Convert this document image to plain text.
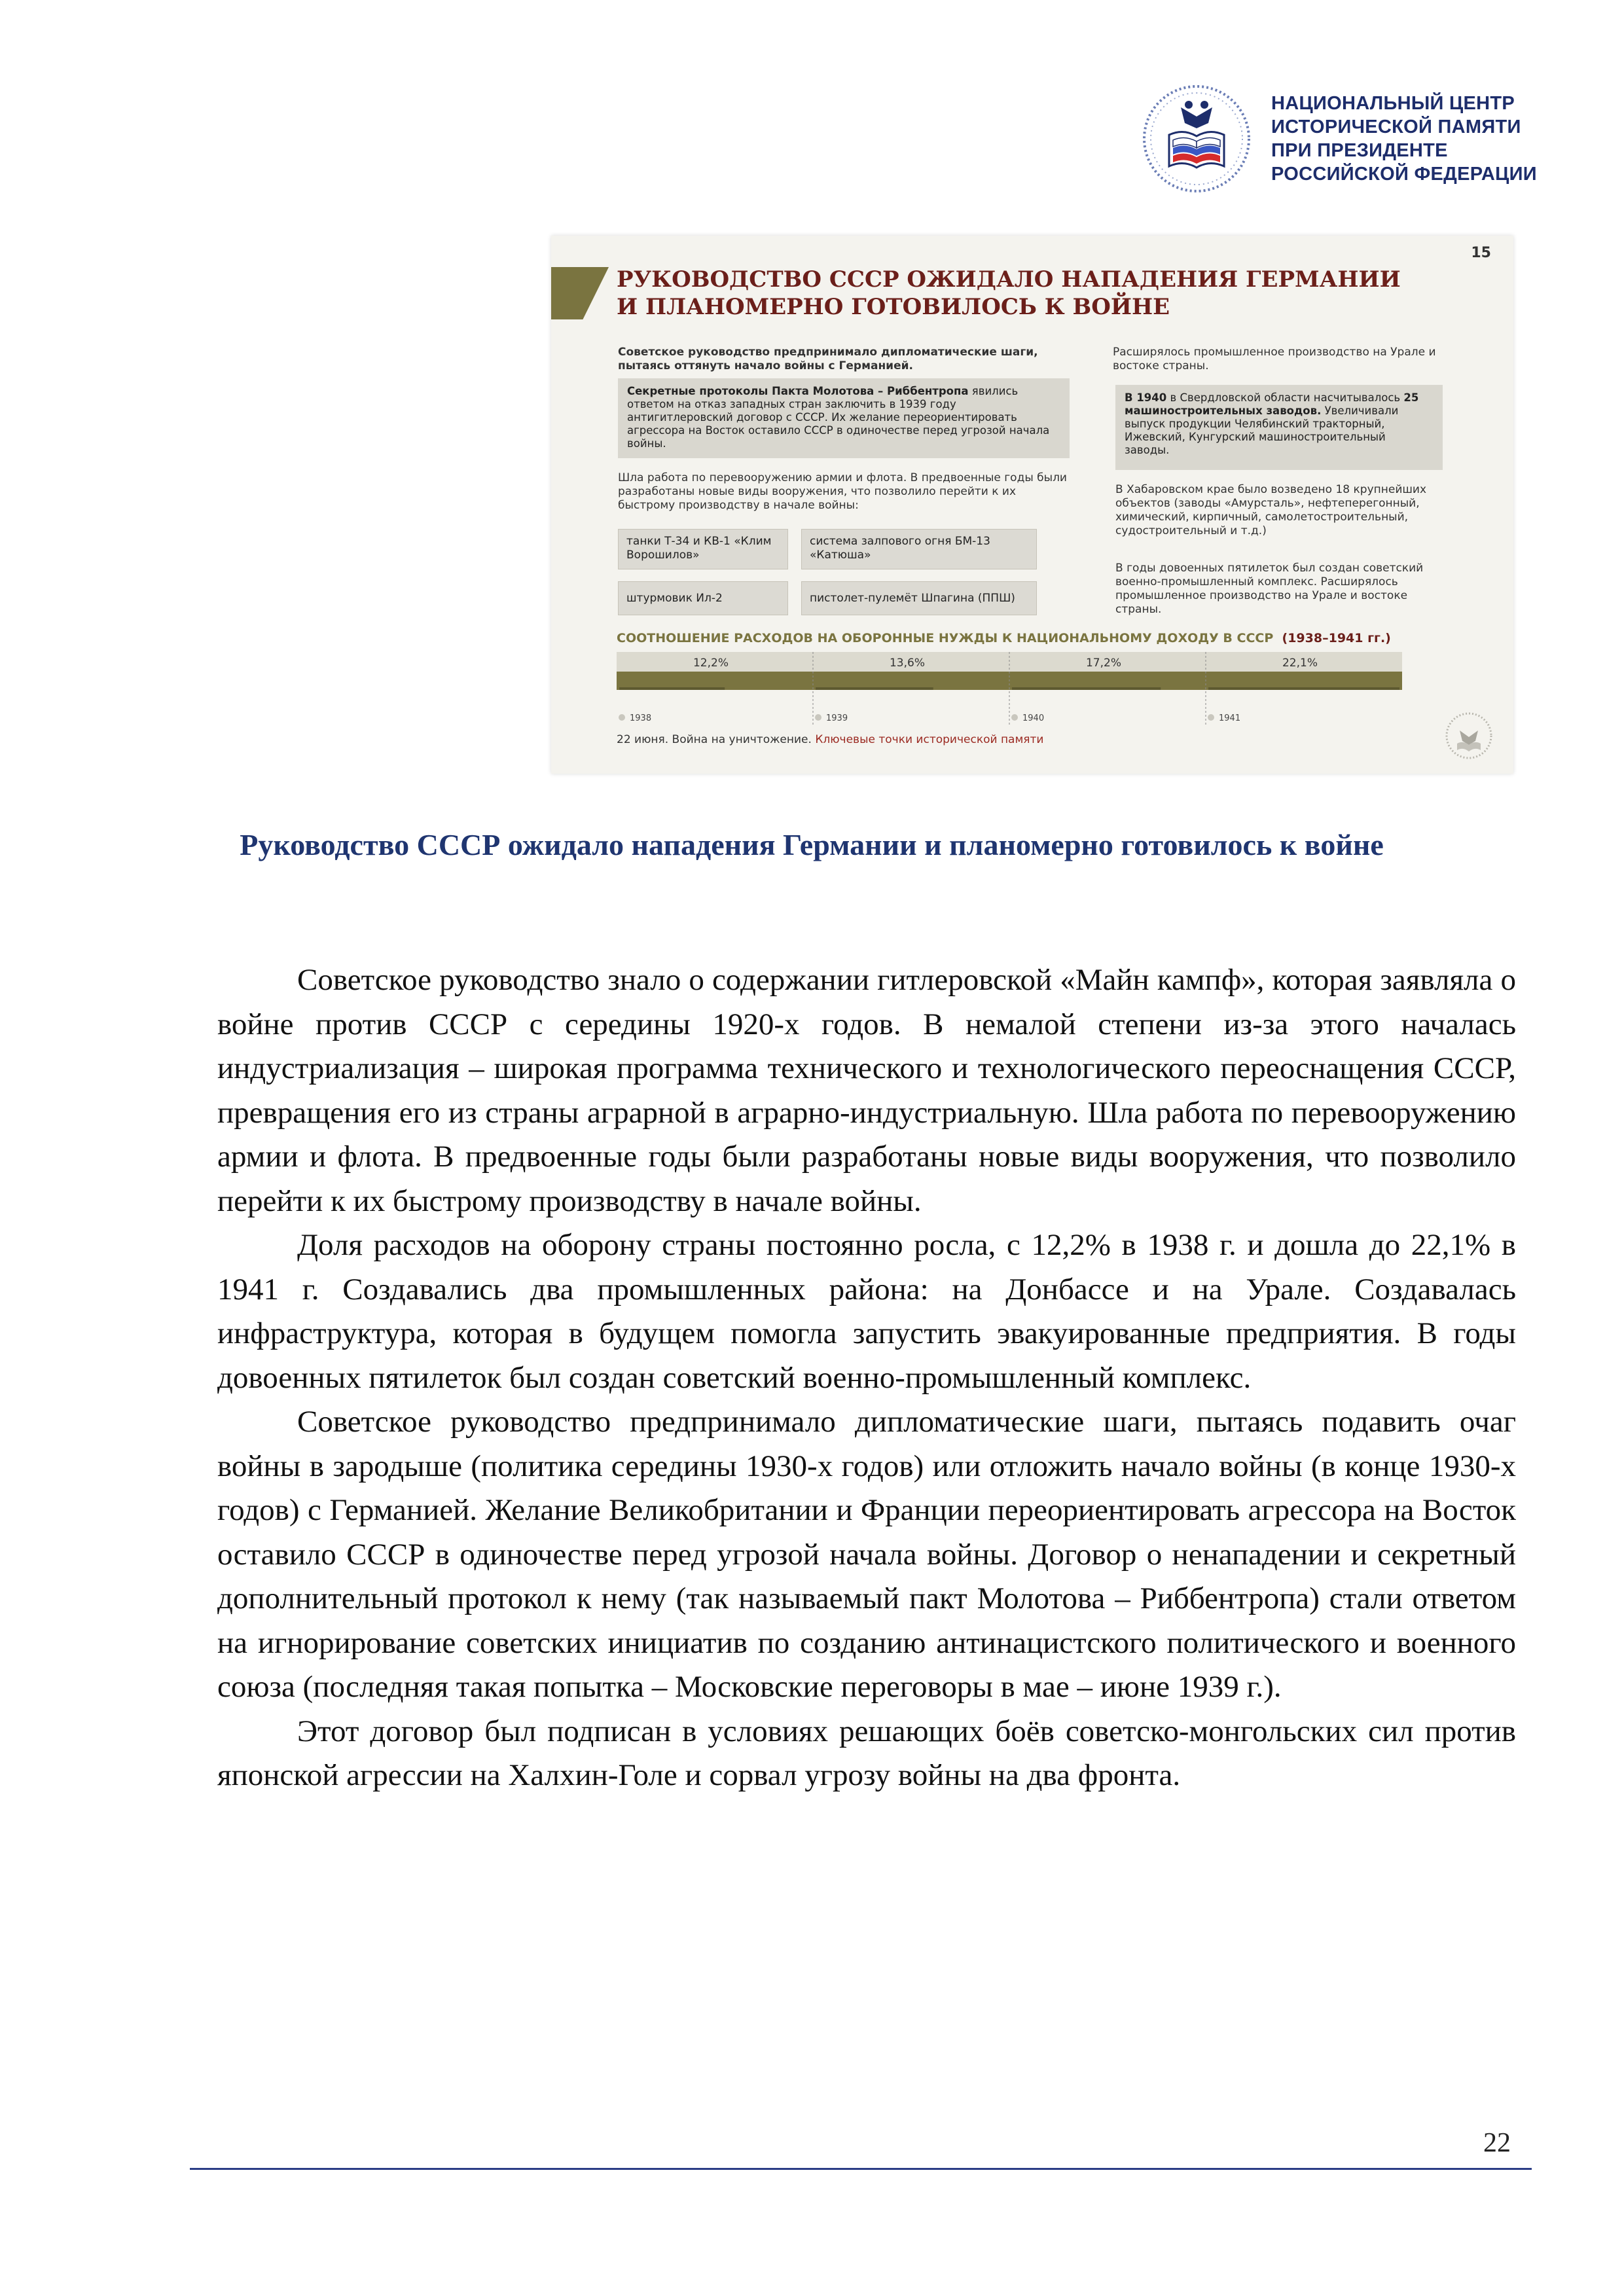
НАЦИОНАЛЬНЫЙ ЦЕНТР
ИСТОРИЧЕСКОЙ ПАМЯТИ
ПРИ ПРЕЗИДЕНТЕ
РОССИЙСКОЙ ФЕДЕРАЦИИ
15
РУКОВОДСТВО СССР ОЖИДАЛО НАПАДЕНИЯ ГЕРМАНИИ
И ПЛАНОМЕРНО ГОТОВИЛОСЬ К ВОЙНЕ
Советское руководство предпринимало дипломатические шаги, пытаясь оттянуть начало войны с Германией.
Секретные протоколы Пакта Молотова – Риббентропа явились ответом на отказ западных стран заключить в 1939 году антигитлеровский договор с СССР. Их желание переориентировать агрессора на Восток оставило СССР в одиночестве перед угрозой начала войны.
Шла работа по перевооружению армии и флота. В предвоенные годы были разработаны новые виды вооружения, что позволило перейти к их быстрому производству в начале войны:
танки Т-34 и КВ-1 «Клим Ворошилов»
система залпового огня БМ-13 «Катюша»
штурмовик Ил-2	пистолет-пулемёт Шпагина (ППШ)
Расширялось промышленное производство на Урале и востоке страны.
В 1940 в Свердловской области насчитывалось 25 машиностроительных заводов. Увеличивали выпуск продукции Челябинский тракторный, Ижевский, Кунгурский машиностроительный заводы.
В Хабаровском крае было возведено 18 крупнейших объектов (заводы «Амурсталь», нефтеперегонный, химический, кирпичный, самолетостроительный, судостроительный и т.д.)
В годы довоенных пятилеток был создан советский военно-промышленный комплекс. Расширялось промышленное производство на Урале и востоке страны.
СООТНОШЕНИЕ РАСХОДОВ НА ОБОРОННЫЕ НУЖДЫ К НАЦИОНАЛЬНОМУ ДОХОДУ В СССР (1938–1941 гг.)
12,2%
1938
13,6%
1939
17,2%
1940
22,1%
1941
22 июня. Война на уничтожение. Ключевые точки исторической памяти
Руководство СССР ожидало нападения Германии и планомерно готовилось к войне

Советское руководство знало о содержании гитлеровской «Майн кампф», которая заявляла о войне против СССР с середины 1920-х годов. В немалой степени из-за этого началась индустриализация – широкая программа технического и технологического переоснащения СССР, превращения его из страны аграрной в аграрно-индустриальную. Шла работа по перевооружению армии и флота. В предвоенные годы были разработаны новые виды вооружения, что позволило перейти к их быстрому производству в начале войны.

Доля расходов на оборону страны постоянно росла, с 12,2% в 1938 г. и дошла до 22,1% в 1941 г. Создавались два промышленных района: на Донбассе и на Урале. Создавалась инфраструктура, которая в будущем помогла запустить эвакуированные предприятия. В годы довоенных пятилеток был создан советский военно-промышленный комплекс.

Советское руководство предпринимало дипломатические шаги, пытаясь подавить очаг войны в зародыше (политика середины 1930-х годов) или отложить начало войны (в конце 1930-х годов) с Германией. Желание Великобритании и Франции переориентировать агрессора на Восток оставило СССР в одиночестве перед угрозой начала войны. Договор о ненападении и секретный дополнительный протокол к нему (так называемый пакт Молотова – Риббентропа) стали ответом на игнорирование советских инициатив по созданию антинацистского политического и военного союза (последняя такая попытка – Московские переговоры в мае – июне 1939 г.).

Этот договор был подписан в условиях решающих боёв советско-монгольских сил против японской агрессии на Халхин-Голе и сорвал угрозу войны на два фронта.

22
